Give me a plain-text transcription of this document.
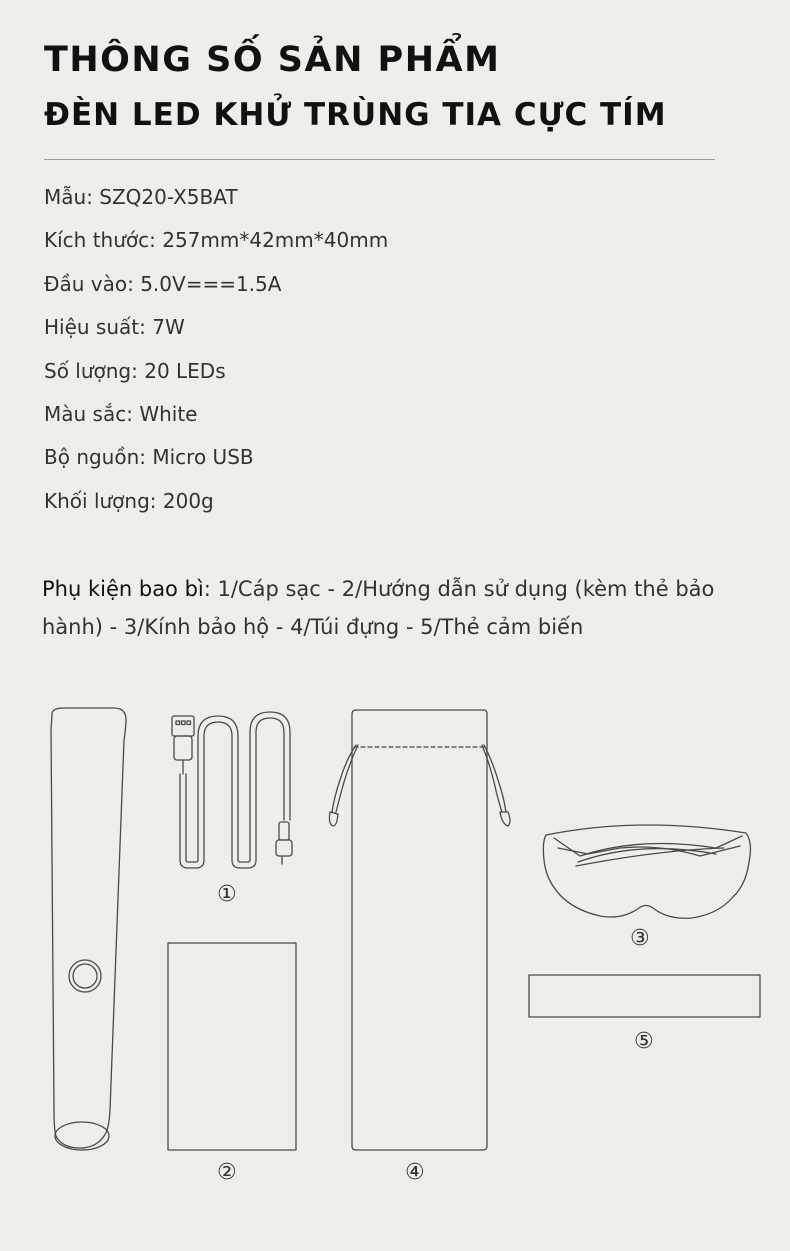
THÔNG SỐ SẢN PHẨM
ĐÈN LED KHỬ TRÙNG TIA CỰC TÍM
Mẫu: SZQ20-X5BAT
Kích thước: 257mm*42mm*40mm
Đầu vào: 5.0V===1.5A
Hiệu suất: 7W
Số lượng: 20 LEDs
Màu sắc: White
Bộ nguồn: Micro USB
Khối lượng: 200g

Phụ kiện bao bì: 1/Cáp sạc - 2/Hướng dẫn sử dụng (kèm thẻ bảo hành) - 3/Kính bảo hộ - 4/Túi đựng - 5/Thẻ cảm biến

①
②
③
④
⑤
